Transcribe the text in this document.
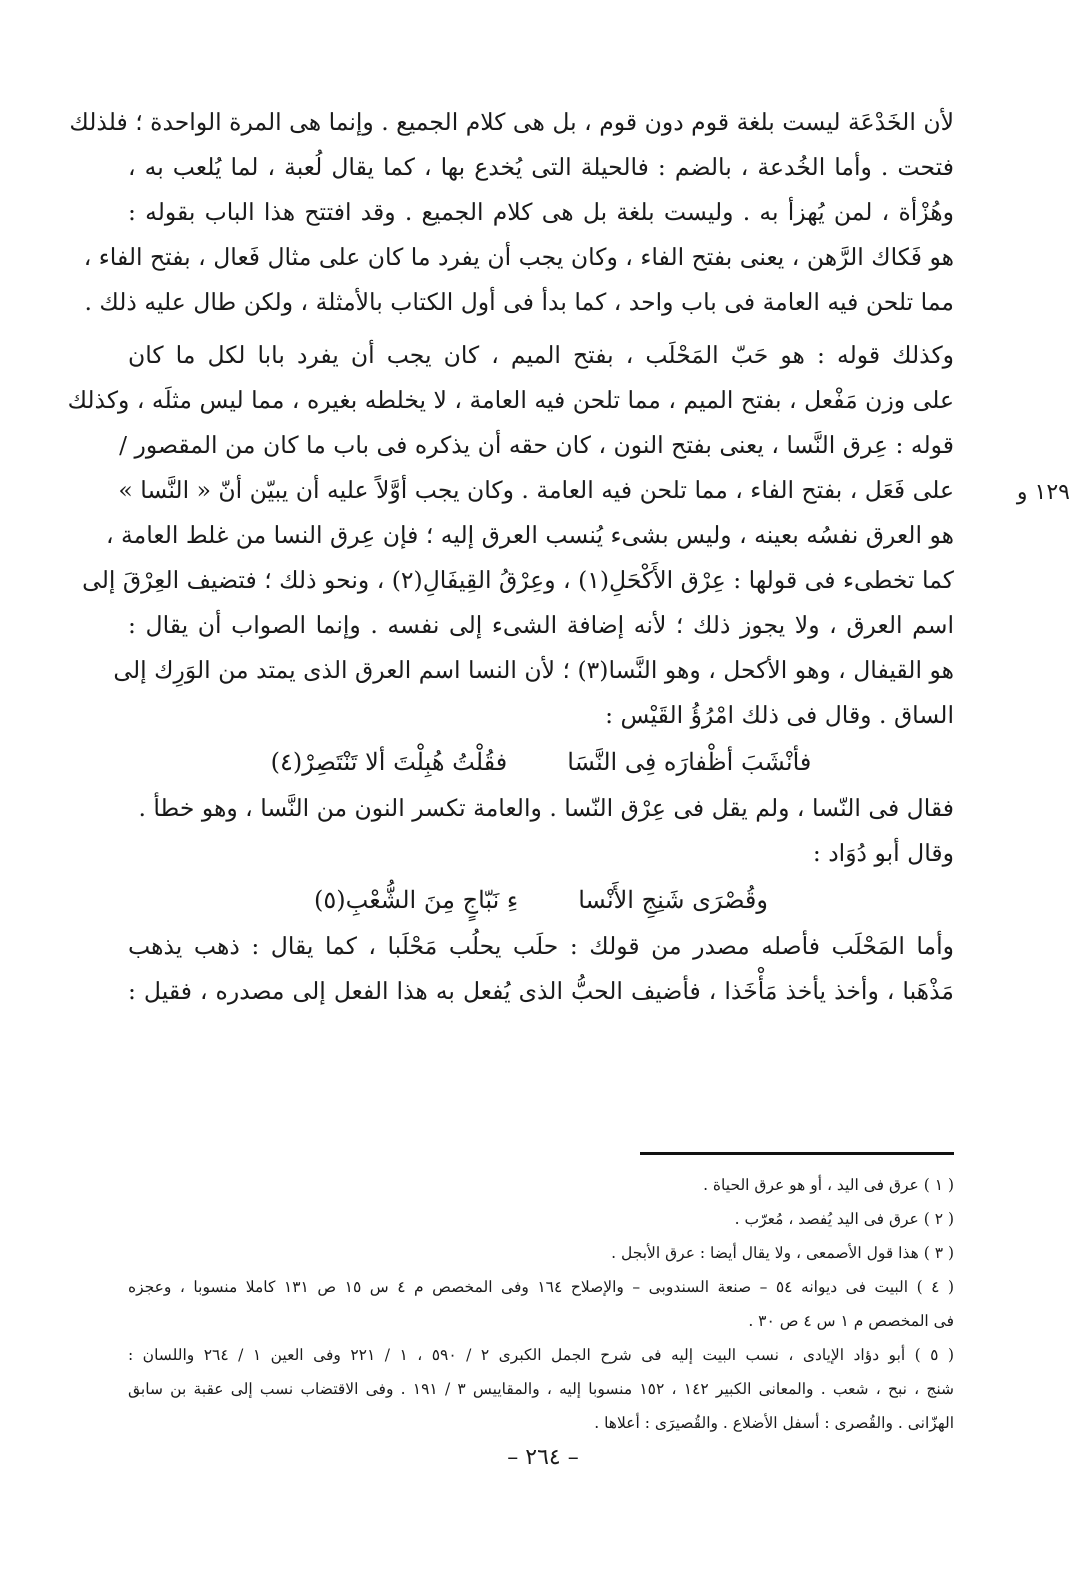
لأن الخَدْعَة ليست بلغة قوم دون قوم ، بل هى كلام الجميع . وإنما هى المرة الواحدة ؛ فلذلك
فتحت . وأما الخُدعة ، بالضم : فالحيلة التى يُخدع بها ، كما يقال لُعبة ، لما يُلعب به ،
وهُزْأة ، لمن يُهزأ به . وليست بلغة بل هى كلام الجميع . وقد افتتح هذا الباب بقوله :
هو فَكاك الرَّهن ، يعنى بفتح الفاء ، وكان يجب أن يفرد ما كان على مثال فَعال ، بفتح الفاء ،
مما تلحن فيه العامة فى باب واحد ، كما بدأ فى أول الكتاب بالأمثلة ، ولكن طال عليه ذلك .
وكذلك قوله : هو حَبّ المَحْلَب ، بفتح الميم ، كان يجب أن يفرد بابا لكل ما كان
على وزن مَفْعل ، بفتح الميم ، مما تلحن فيه العامة ، لا يخلطه بغيره ، مما ليس مثلَه ، وكذلك
قوله : عِرق النَّسا ، يعنى بفتح النون ، كان حقه أن يذكره فى باب ما كان من المقصور /
على فَعَل ، بفتح الفاء ، مما تلحن فيه العامة . وكان يجب أوَّلاً عليه أن يبيّن أنّ « النَّسا »
هو العرق نفسُه بعينه ، وليس بشىء يُنسب العرق إليه ؛ فإن عِرق النسا من غلط العامة ،
كما تخطىء فى قولها : عِرْق الأَكْحَلِ(١) ، وعِرْقُ القِيفَالِ(٢) ، ونحو ذلك ؛ فتضيف العِرْقَ إلى
اسم العرق ، ولا يجوز ذلك ؛ لأنه إضافة الشىء إلى نفسه . وإنما الصواب أن يقال :
هو القيفال ، وهو الأكحل ، وهو النَّسا(٣) ؛ لأن النسا اسم العرق الذى يمتد من الوَرِك إلى
الساق . وقال فى ذلك امْرُؤُ القَيْس :
فأنْشَبَ أظْفارَه فِى النَّسَا
فقُلْتُ هُبِلْتَ ألا تَنْتَصِرْ(٤)
فقال فى النّسا ، ولم يقل فى عِرْق النّسا . والعامة تكسر النون من النَّسا ، وهو خطأ .
وقال أبو دُوَاد :
وقُصْرَى شَنِجِ الأَنْسا
ءِ نَبّاجٍ مِنَ الشُّعْبِ(٥)
وأما المَحْلَب فأصله مصدر من قولك : حلَب يحلُب مَحْلَبا ، كما يقال : ذهب يذهب
مَذْهَبا ، وأخذ يأخذ مَأْخَذا ، فأضيف الحبُّ الذى يُفعل به هذا الفعل إلى مصدره ، فقيل :
١٢٩ و
( ١ ) عرق فى اليد ، أو هو عرق الحياة .
( ٢ ) عرق فى اليد يُفصد ، مُعرّب .
( ٣ ) هذا قول الأصمعى ، ولا يقال أيضا : عرق الأبجل .
( ٤ ) البيت فى ديوانه ٥٤ – صنعة السندوبى – والإصلاح ١٦٤ وفى المخصص م ٤ س ١٥ ص ١٣١ كاملا منسوبا ، وعجزه
فى المخصص م ١ س ٤ ص ٣٠ .
( ٥ ) أبو دؤاد الإيادى ، نسب البيت إليه فى شرح الجمل الكبرى ٢ / ٥٩٠ ، ١ / ٢٢١ وفى العين ١ / ٢٦٤ واللسان :
شنج ، نبح ، شعب . والمعانى الكبير ١٤٢ ، ١٥٢ منسوبا إليه ، والمقاييس ٣ / ١٩١ . وفى الاقتضاب نسب إلى عقبة بن سابق
الهزّانى . والقُصرى : أسفل الأضلاع . والقُصيرَى : أعلاها .
– ٢٦٤ –
